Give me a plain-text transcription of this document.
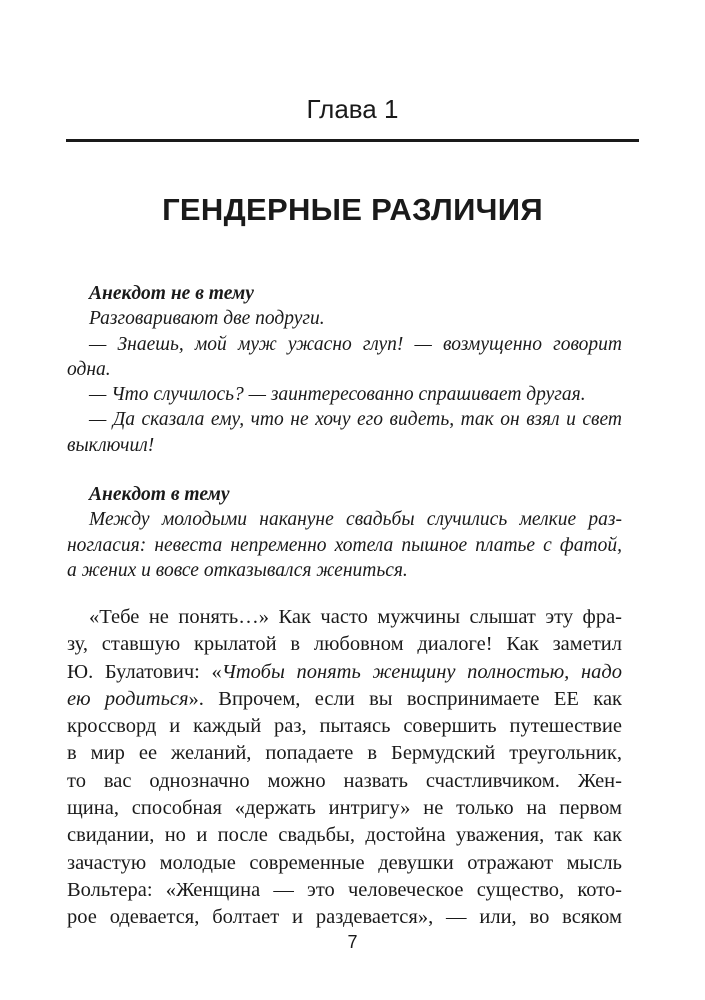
Глава 1
ГЕНДЕРНЫЕ РАЗЛИЧИЯ

Анекдот не в тему

Разговаривают две подруги.

— Знаешь, мой муж ужасно глуп! — возмущенно говорит

одна.

— Что случилось? — заинтересованно спрашивает другая.

— Да сказала ему, что не хочу его видеть, так он взял и свет

выключил!

Анекдот в тему

Между молодыми накануне свадьбы случились мелкие раз-

ногласия: невеста непременно хотела пышное платье с фатой,

а жених и вовсе отказывался жениться.

«Тебе не понять…» Как часто мужчины слышат эту фра-
зу, ставшую крылатой в любовном диалоге! Как заметил
Ю. Булатович: «Чтобы понять женщину полностью, надо
ею родиться». Впрочем, если вы воспринимаете ЕЕ как
кроссворд и каждый раз, пытаясь совершить путешествие
в мир ее желаний, попадаете в Бермудский треугольник,
то вас однозначно можно назвать счастливчиком. Жен-
щина, способная «держать интригу» не только на первом
свидании, но и после свадьбы, достойна уважения, так как
зачастую молодые современные девушки отражают мысль
Вольтера: «Женщина — это человеческое существо, кото-
рое одевается, болтает и раздевается», — или, во всяком
7
